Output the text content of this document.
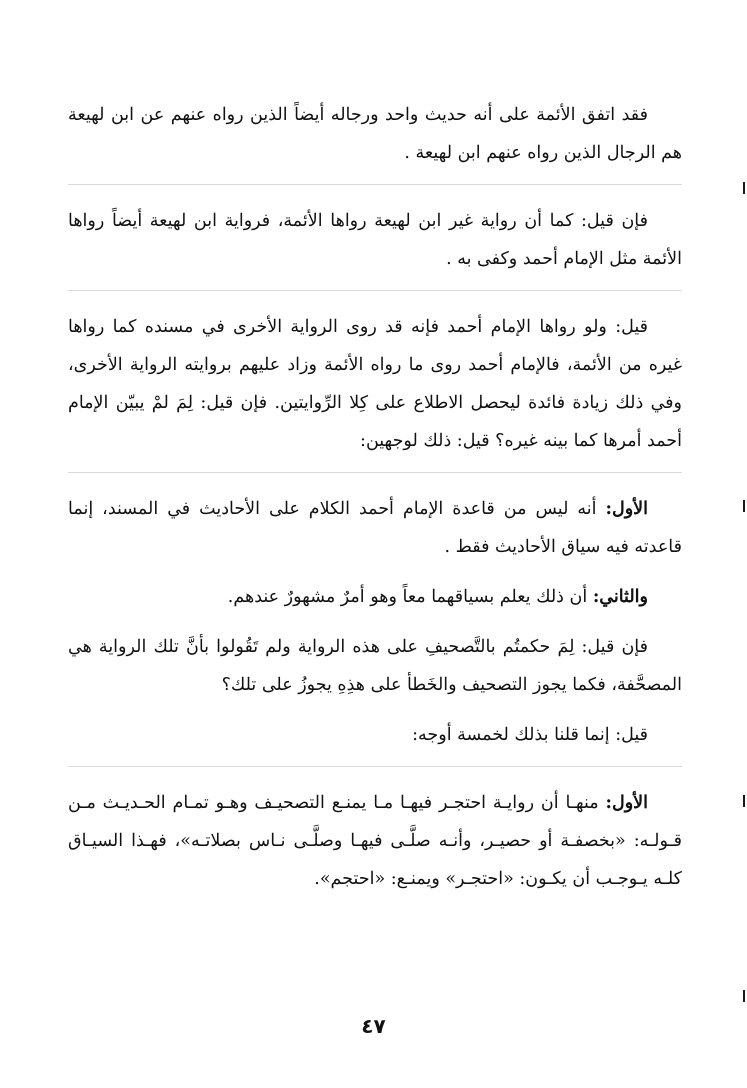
فقد اتفق الأئمة على أنه حديث واحد ورجاله أيضاً الذين رواه عنهم عن ابن لهيعة هم الرجال الذين رواه عنهم ابن لهيعة .

فإن قيل: كما أن رواية غير ابن لهيعة رواها الأئمة، فرواية ابن لهيعة أيضاً رواها الأئمة مثل الإمام أحمد وكفى به .

قيل: ولو رواها الإمام أحمد فإنه قد روى الرواية الأخرى في مسنده كما رواها غيره من الأئمة، فالإمام أحمد روى ما رواه الأئمة وزاد عليهم بروايته الرواية الأخرى، وفي ذلك زيادة فائدة ليحصل الاطلاع على كِلا الرِّوايتين. فإن قيل: لِمَ لمْ يبيّن الإمام أحمد أمرها كما بينه غيره؟ قيل: ذلك لوجهين:

الأول: أنه ليس من قاعدة الإمام أحمد الكلام على الأحاديث في المسند، إنما قاعدته فيه سياق الأحاديث فقط .

والثاني: أن ذلك يعلم بسياقهما معاً وهو أمرٌ مشهورٌ عندهم.

فإن قيل: لِمَ حكمتُم بالتَّصحيفِ على هذه الرواية ولم تَقُولوا بأنَّ تلك الرواية هي المصحَّفة، فكما يجوز التصحيف والخَطأ على هذِهِ يجوزُ على تلك؟

قيل: إنما قلنا بذلك لخمسة أوجه:

الأول: منهـا أن روايـة احتجـر فيهـا مـا يمنـع التصحيـف وهـو تمـام الحـديـث مـن قـولـه: «بخصفـة أو حصيـر، وأنـه صلَّـى فيهـا وصلَّـى نـاس بصلاتـه»، فهـذا السيـاق كلـه يـوجـب أن يكـون: «احتجـر» ويمنـع: «احتجم».

٤٧
